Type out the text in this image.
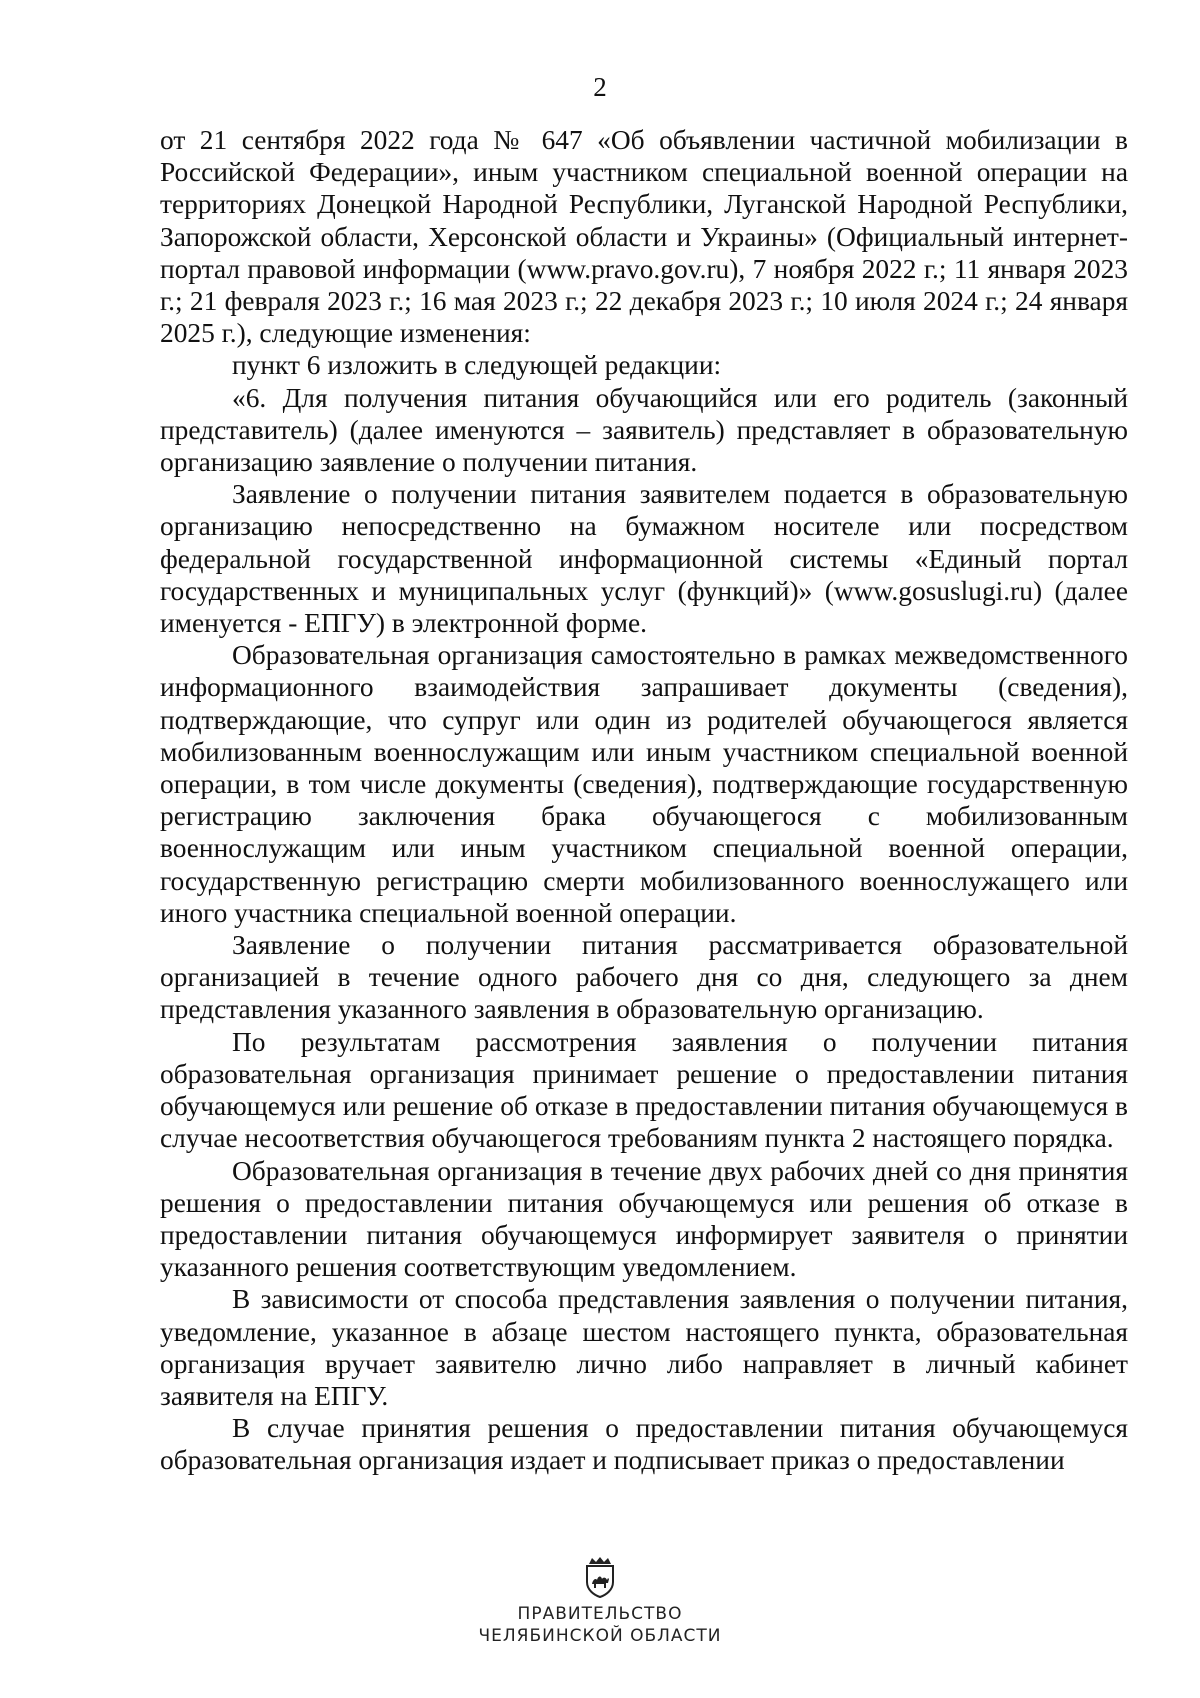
2

от 21 сентября 2022 года № 647 «Об объявлении частичной мобилизации в Российской Федерации», иным участником специальной военной операции на территориях Донецкой Народной Республики, Луганской Народной Республики, Запорожской области, Херсонской области и Украины» (Официальный интернет-портал правовой информации (www.pravo.gov.ru), 7 ноября 2022 г.; 11 января 2023 г.; 21 февраля 2023 г.; 16 мая 2023 г.; 22 декабря 2023 г.; 10 июля 2024 г.; 24 января 2025 г.), следующие изменения:

пункт 6 изложить в следующей редакции:

«6. Для получения питания обучающийся или его родитель (законный представитель) (далее именуются – заявитель) представляет в образовательную организацию заявление о получении питания.

Заявление о получении питания заявителем подается в образовательную организацию непосредственно на бумажном носителе или посредством федеральной государственной информационной системы «Единый портал государственных и муниципальных услуг (функций)» (www.gosuslugi.ru) (далее именуется - ЕПГУ) в электронной форме.

Образовательная организация самостоятельно в рамках межведомственного информационного взаимодействия запрашивает документы (сведения), подтверждающие, что супруг или один из родителей обучающегося является мобилизованным военнослужащим или иным участником специальной военной операции, в том числе документы (сведения), подтверждающие государственную регистрацию заключения брака обучающегося с мобилизованным военнослужащим или иным участником специальной военной операции, государственную регистрацию смерти мобилизованного военнослужащего или иного участника специальной военной операции.

Заявление о получении питания рассматривается образовательной организацией в течение одного рабочего дня со дня, следующего за днем представления указанного заявления в образовательную организацию.

По результатам рассмотрения заявления о получении питания образовательная организация принимает решение о предоставлении питания обучающемуся или решение об отказе в предоставлении питания обучающемуся в случае несоответствия обучающегося требованиям пункта 2 настоящего порядка.

Образовательная организация в течение двух рабочих дней со дня принятия решения о предоставлении питания обучающемуся или решения об отказе в предоставлении питания обучающемуся информирует заявителя о принятии указанного решения соответствующим уведомлением.

В зависимости от способа представления заявления о получении питания, уведомление, указанное в абзаце шестом настоящего пункта, образовательная организация вручает заявителю лично либо направляет в личный кабинет заявителя на ЕПГУ.

В случае принятия решения о предоставлении питания обучающемуся образовательная организация издает и подписывает приказ о предоставлении

ПРАВИТЕЛЬСТВО
ЧЕЛЯБИНСКОЙ ОБЛАСТИ
